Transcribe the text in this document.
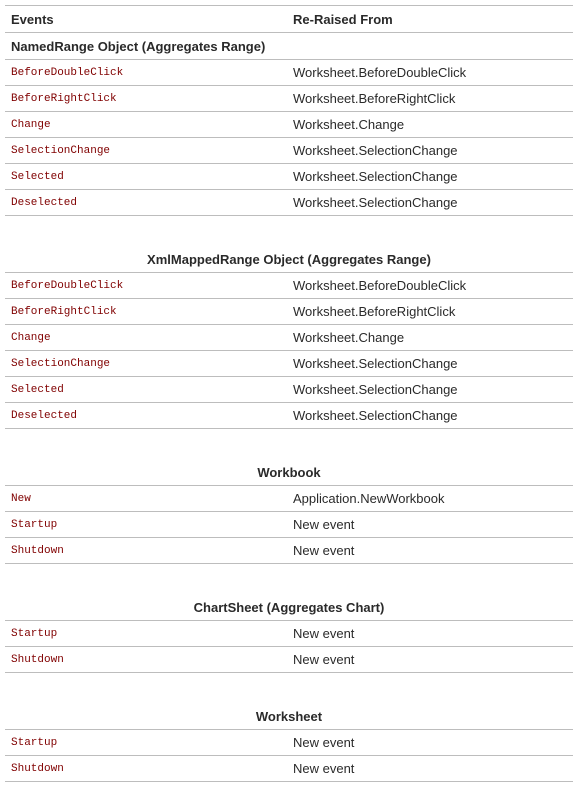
Events	Re-Raised From
NamedRange Object (Aggregates Range)	
BeforeDoubleClick	Worksheet.BeforeDoubleClick
BeforeRightClick	Worksheet.BeforeRightClick
Change	Worksheet.Change
SelectionChange	Worksheet.SelectionChange
Selected	Worksheet.SelectionChange
Deselected	Worksheet.SelectionChange

XmlMappedRange Object (Aggregates Range)	
BeforeDoubleClick	Worksheet.BeforeDoubleClick
BeforeRightClick	Worksheet.BeforeRightClick
Change	Worksheet.Change
SelectionChange	Worksheet.SelectionChange
Selected	Worksheet.SelectionChange
Deselected	Worksheet.SelectionChange

Workbook	
New	Application.NewWorkbook
Startup	New event
Shutdown	New event

ChartSheet (Aggregates Chart)	
Startup	New event
Shutdown	New event

Worksheet	
Startup	New event
Shutdown	New event
